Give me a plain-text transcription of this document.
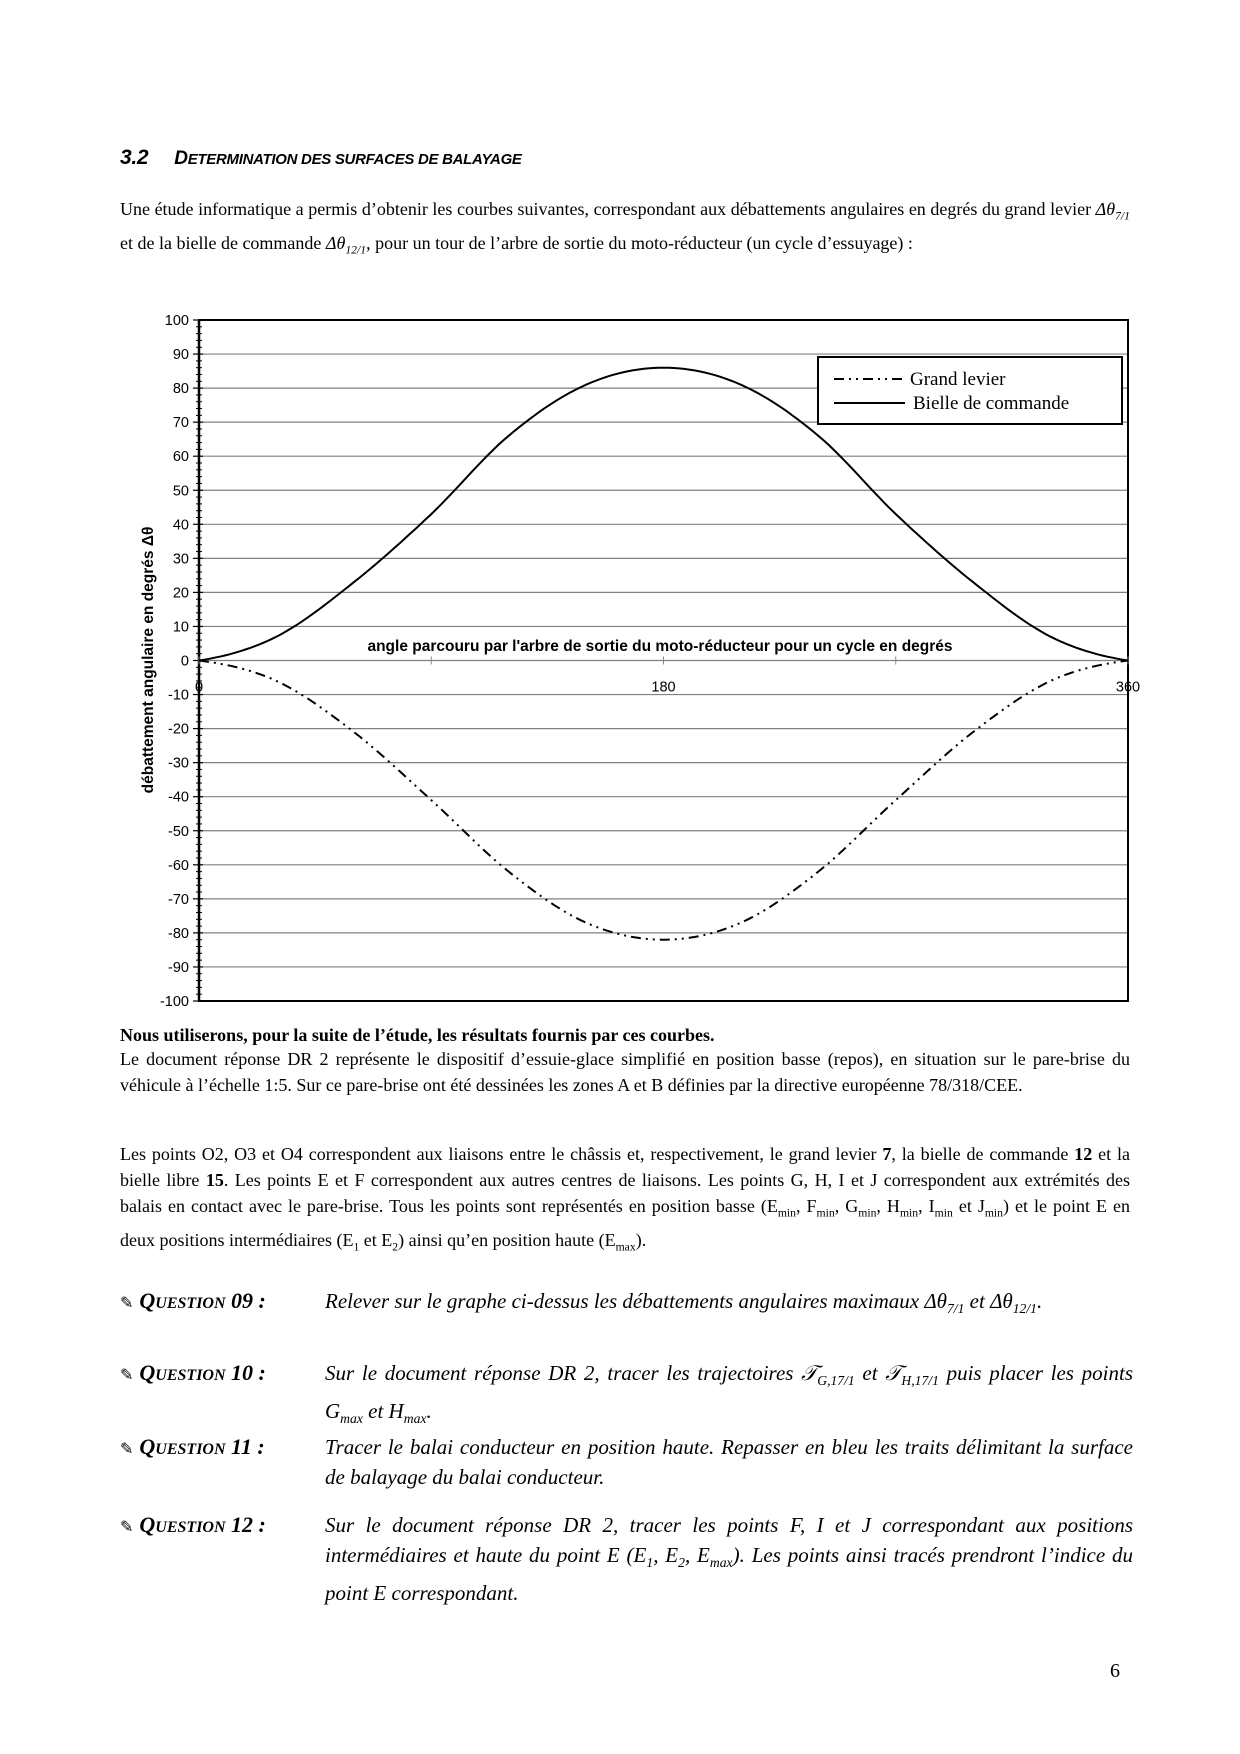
3.2 DETERMINATION DES SURFACES DE BALAYAGE
Une étude informatique a permis d’obtenir les courbes suivantes, correspondant aux débattements angulaires en degrés du grand levier $\Delta\theta_{7/1}$ et de la bielle de commande $\Delta\theta_{12/1}$, pour un tour de l’arbre de sortie du moto-réducteur (un cycle d’essuyage) :
100
90
80
70
60
50
40
30
20
10
0
-10
-20
-30
-40
-50
-60
-70
-80
-90
-100
0	180	360
angle parcouru par l'arbre de sortie du moto-réducteur pour un cycle en degrés
débattement angulaire en degrés Δθ
Grand levier
Bielle de commande
Nous utiliserons, pour la suite de l’étude, les résultats fournis par ces courbes.
Le document réponse DR 2 représente le dispositif d’essuie-glace simplifié en position basse (repos), en situation sur le pare-brise du véhicule à l’échelle 1:5. Sur ce pare-brise ont été dessinées les zones A et B définies par la directive européenne 78/318/CEE.
Les points O2, O3 et O4 correspondent aux liaisons entre le châssis et, respectivement, le grand levier 7, la bielle de commande 12 et la bielle libre 15. Les points E et F correspondent aux autres centres de liaisons. Les points G, H, I et J correspondent aux extrémités des balais en contact avec le pare-brise. Tous les points sont représentés en position basse ($E_{min}$, $F_{min}$, $G_{min}$, $H_{min}$, $I_{min}$ et $J_{min}$) et le point E en deux positions intermédiaires ($E_1$ et $E_2$) ainsi qu’en position haute $(E_{max})$.
✎ QUESTION 09 :	Relever sur le graphe ci-dessus les débattements angulaires maximaux $\Delta\theta_{7/1}$ et $\Delta\theta_{12/1}$.
✎ QUESTION 10 :	Sur le document réponse DR 2, tracer les trajectoires 𝒯$_{G,17/1}$ et 𝒯$_{H,17/1}$ puis placer les points $G_{max}$ et $H_{max}$.
✎ QUESTION 11 :	Tracer le balai conducteur en position haute. Repasser en bleu les traits délimitant la surface de balayage du balai conducteur.
✎ QUESTION 12 :	Sur le document réponse DR 2, tracer les points F, I et J correspondant aux positions intermédiaires et haute du point E ($E_1$, $E_2$, $E_{max}$). Les points ainsi tracés prendront l’indice du point E correspondant.
6
